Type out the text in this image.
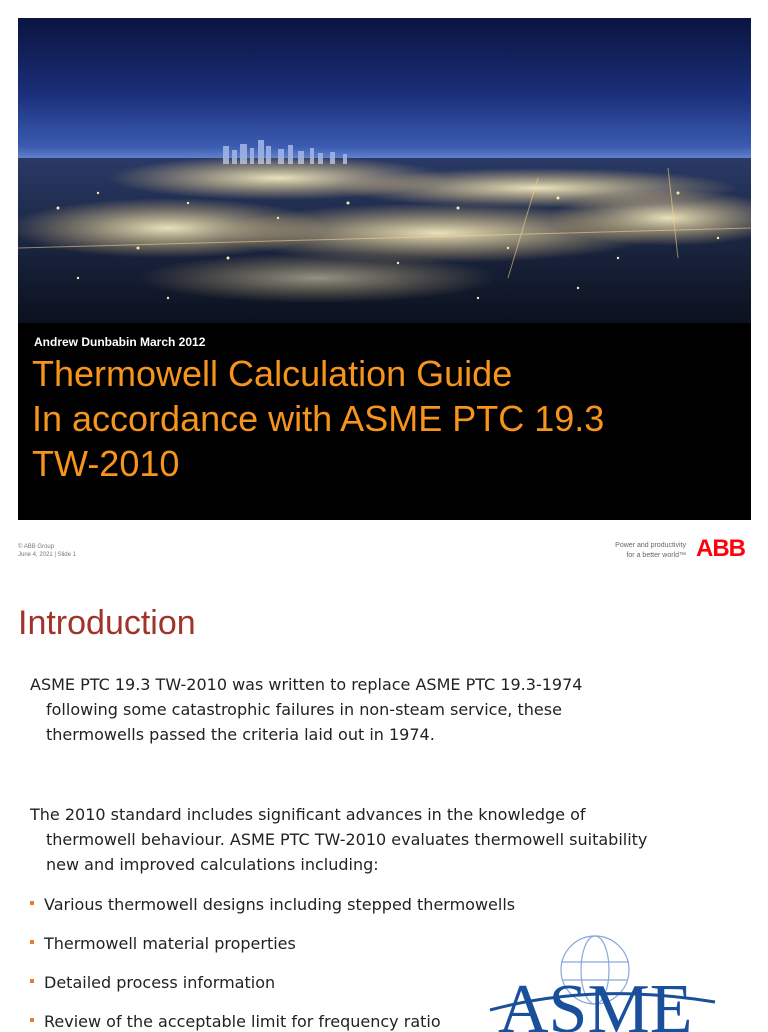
Andrew Dunbabin March 2012
Thermowell Calculation Guide
In accordance with ASME PTC 19.3
TW-2010
© ABB Group
June 4, 2021 | Slide 1
Power and productivity
for a better world™ ABB
Introduction
ASME PTC 19.3 TW-2010 was written to replace ASME PTC 19.3-1974
following some catastrophic failures in non-steam service, these
thermowells passed the criteria laid out in 1974.
The 2010 standard includes significant advances in the knowledge of
thermowell behaviour. ASME PTC TW-2010 evaluates thermowell suitability
new and improved calculations including:
Various thermowell designs including stepped thermowells
Thermowell material properties
Detailed process information
Review of the acceptable limit for frequency ratio ASME
